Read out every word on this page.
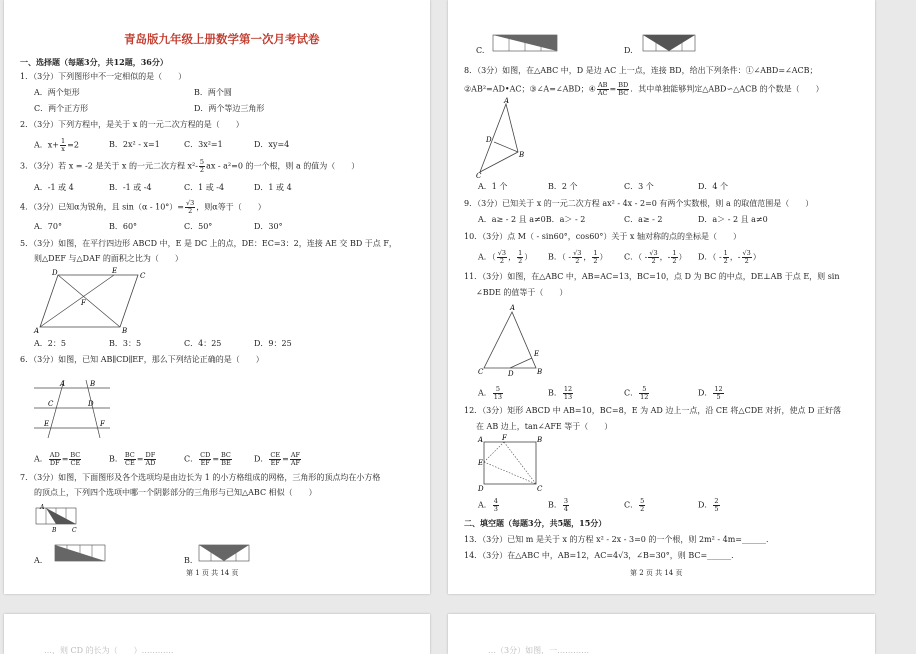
青岛版九年级上册数学第一次月考试卷
一、选择题（每题3分，共12题，36分）
1．（3分）下列图形中不一定相似的是（　　）
A．两个矩形	B．两个圆
C．两个正方形	D．两个等边三角形
2．（3分）下列方程中，是关于 x 的一元二次方程的是（　　）
A．$x+ \frac{1}{x} =2$	B．2x² - x=1	C．3x²=1	D．xy=4
3．（3分）若 x = -2 是关于 x 的一元二次方程 $x^2- \frac{5}{2}$ ax - a²=0 的一个根，则 a 的值为（　　）
A．-1 或 4	B．-1 或 -4	C．1 或 -4	D．1 或 4
4．（3分）已知α为锐角，且 $\sin(\alpha - 10^\circ)= \frac{√3}{2}$ ，则α等于（　　）
A．70°	B．60°	C．50°	D．30°
5．（3分）如图，在平行四边形 ABCD 中，E 是 DC 上的点，DE：EC=3：2，连接 AE 交 BD 于点 F，
则△DEF 与△DAF 的面积之比为（　　）
D	E
C
F
A	B
A．2：5	B．3：5	C．4：25	D．9：25
6．（3分）如图，已知 AB∥CD∥EF，那么下列结论正确的是（　　）
A	B
C	D
E	F
A． $\frac{AD}{DF} = \frac{BC}{CE}$	B． $\frac{BC}{CE} = \frac{DF}{AD}$	C． $\frac{CD}{EF} = \frac{BC}{BE}$	D． $\frac{CE}{EF} = \frac{AF}{AF}$
7．（3分）如图，下面图形及各个选项均是由边长为 1 的小方格组成的网格，三角形的顶点均在小方格
的顶点上，下列四个选项中哪一个阴影部分的三角形与已知△ABC 相似（　　）
A
B	C
A.	B.
第 1 页 共 14 页
C.	D.
8．（3分）如图，在△ABC 中，D 是边 AC 上一点，连接 BD，给出下列条件：①∠ABD=∠ACB；
②AB²=AD•AC；③∠A=∠ABD；④ $\frac{AB}{AC} = \frac{BD}{BC}$ ．其中单独能够判定△ABD∽△ACB 的个数是（　　）
A
D
B
C
A．1 个	B．2 个	C．3 个	D．4 个
9．（3分）已知关于 x 的一元二次方程 ax² - 4x - 2=0 有两个实数根，则 a 的取值范围是（　　）
A．a≥ - 2 且 a≠0B．a＞ - 2	C．a≥ - 2	D．a＞ - 2 且 a≠0
10．（3分）点 M（ - sin60°，cos60°）关于 x 轴对称的点的坐标是（　　）
A．（ $\frac{√3}{2}$ ， $\frac{1}{2}$ ） B．（ - $\frac{√3}{2}$ ， $\frac{1}{2}$ ） C．（ - $\frac{√3}{2}$ ，- $\frac{1}{2}$ ） D．（ - $\frac{1}{2}$ ，- $\frac{√3}{2}$ ）
11．（3分）如图，在△ABC 中，AB=AC=13，BC=10，点 D 为 BC 的中点，DE⊥AB 于点 E，则 sin
∠BDE 的值等于（　　）
A
C	D	B
E
A． $\frac{5}{13}$	B． $\frac{12}{13}$	C． $\frac{5}{12}$	D． $\frac{12}{5}$
12．（3分）矩形 ABCD 中 AB=10，BC=8，E 为 AD 边上一点，沿 CE 将△CDE 对折，使点 D 正好落
在 AB 边上，tan∠AFE 等于（　　）
A	F	B
E
D	C
A． $\frac{4}{3}$	B． $\frac{3}{4}$	C． $\frac{5}{2}$	D． $\frac{2}{5}$
二、填空题（每题3分，共5题，15分）
13．（3分）已知 m 是关于 x 的方程 x² - 2x - 3=0 的一个根，则 2m² - 4m=______．
14．（3分）在△ABC 中，AB=12，AC=4√3，∠B=30°，则 BC=______．
第 2 页 共 14 页
…，则 CD 的长为（　　）…………	…（3分）如图，一…………
